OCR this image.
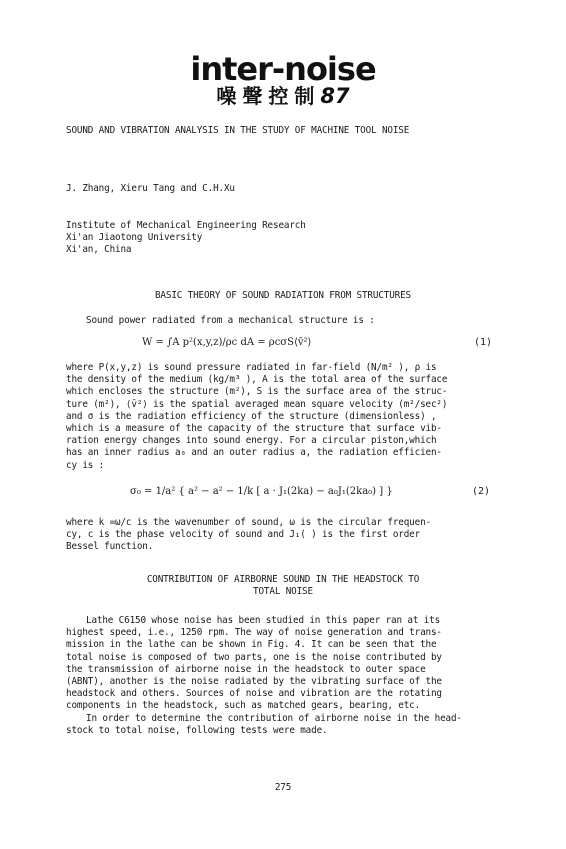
inter-noise
噪聲控制87
SOUND AND VIBRATION ANALYSIS IN THE STUDY OF MACHINE TOOL NOISE
J. Zhang, Xieru Tang and C.H.Xu
Institute of Mechanical Engineering Research
Xi'an Jiaotong University
Xi'an, China
BASIC THEORY OF SOUND RADIATION FROM STRUCTURES
Sound power radiated from a mechanical structure is :
W = ∫A p²(x,y,z)/ρc dA = ρcσS⟨v̄²⟩	(1)
where P(x,y,z) is sound pressure radiated in far-field (N/m² ), ρ is
the density of the medium (kg/m³ ), A is the total area of the surface
which encloses the structure (m²), S is the surface area of the struc-
ture (m²), ⟨v̄²⟩ is the spatial averaged mean square velocity (m²/sec²)
and σ is the radiation efficiency of the structure (dimensionless) ,
which is a measure of the capacity of the structure that surface vib-
ration energy changes into sound energy. For a circular piston,which
has an inner radius a₀ and an outer radius a, the radiation efficien-
cy is :
σ₀ = 1/a² { a² − a² − 1/k [ a · J₁(2ka) − a₀J₁(2ka₀) ] }	(2)
where k =ω/c is the wavenumber of sound, ω is the circular frequen-
cy, c is the phase velocity of sound and J₁( ) is the first order
Bessel function.
CONTRIBUTION OF AIRBORNE SOUND IN THE HEADSTOCK TO
TOTAL NOISE
Lathe C6150 whose noise has been studied in this paper ran at its
highest speed, i.e., 1250 rpm. The way of noise generation and trans-
mission in the lathe can be shown in Fig. 4. It can be seen that the
total noise is composed of two parts, one is the noise contributed by
the transmission of airborne noise in the headstock to outer space
(ABNT), another is the noise radiated by the vibrating surface of the
headstock and others. Sources of noise and vibration are the rotating
components in the headstock, such as matched gears, bearing, etc.
In order to determine the contribution of airborne noise in the head-
stock to total noise, following tests were made.
275
